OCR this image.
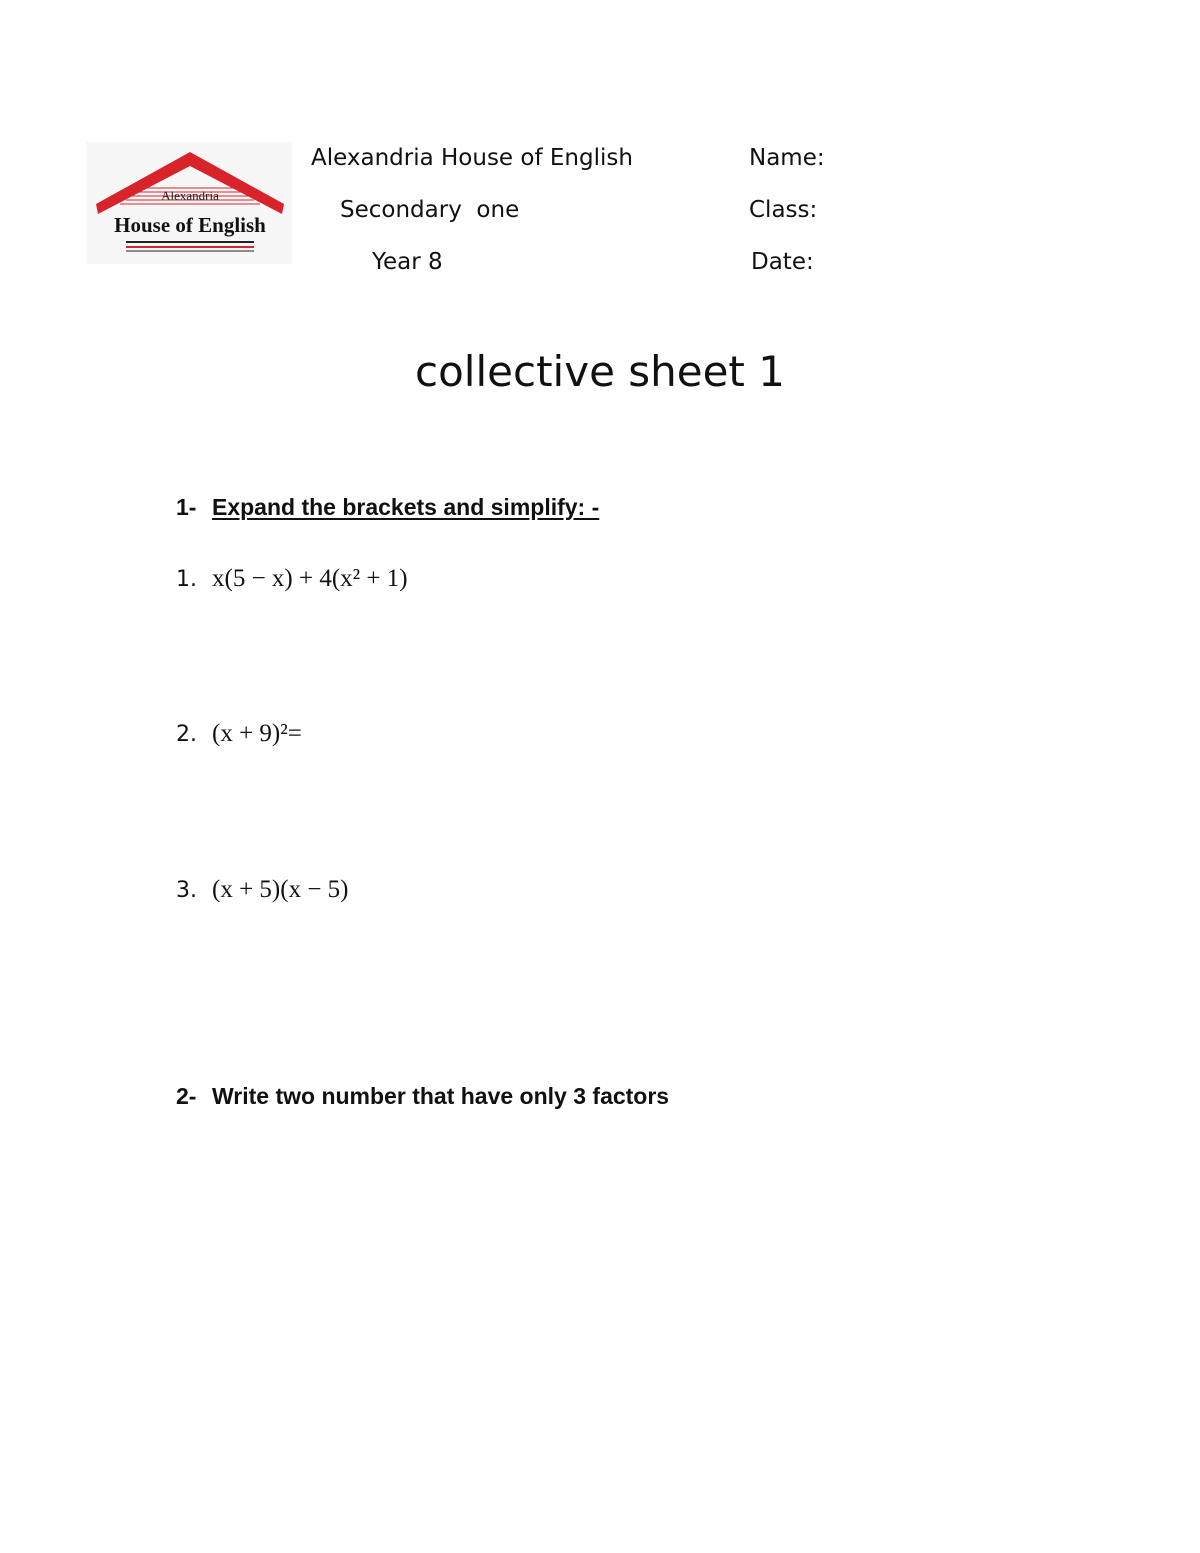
Alexandria
House of English
Alexandria House of English
Secondary  one
Year 8
Name:
Class:
Date:
collective sheet 1
1- Expand the brackets and simplify: -
1. x(5 − x) + 4(x² + 1)
2. (x + 9)²=
3. (x + 5)(x − 5)
2- Write two number that have only 3 factors
